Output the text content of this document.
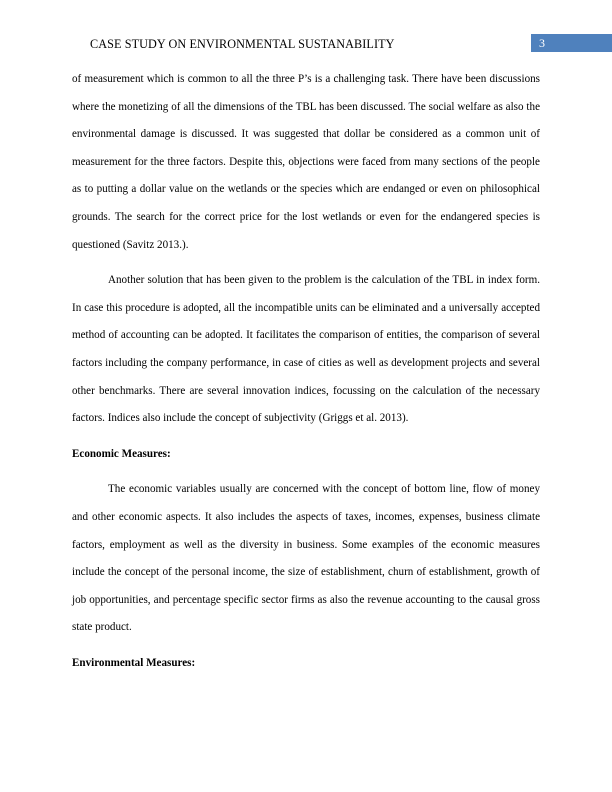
CASE STUDY ON ENVIRONMENTAL SUSTANABILITY	3

of measurement which is common to all the three P’s is a challenging task. There have been discussions where the monetizing of all the dimensions of the TBL has been discussed. The social welfare as also the environmental damage is discussed. It was suggested that dollar be considered as a common unit of measurement for the three factors. Despite this, objections were faced from many sections of the people as to putting a dollar value on the wetlands or the species which are endanged or even on philosophical grounds. The search for the correct price for the lost wetlands or even for the endangered species is questioned (Savitz 2013.).

Another solution that has been given to the problem is the calculation of the TBL in index form. In case this procedure is adopted, all the incompatible units can be eliminated and a universally accepted method of accounting can be adopted. It facilitates the comparison of entities, the comparison of several factors including the company performance, in case of cities as well as development projects and several other benchmarks. There are several innovation indices, focussing on the calculation of the necessary factors. Indices also include the concept of subjectivity (Griggs et al. 2013).

Economic Measures:

The economic variables usually are concerned with the concept of bottom line, flow of money and other economic aspects. It also includes the aspects of taxes, incomes, expenses, business climate factors, employment as well as the diversity in business. Some examples of the economic measures include the concept of the personal income, the size of establishment, churn of establishment, growth of job opportunities, and percentage specific sector firms as also the revenue accounting to the causal gross state product.

Environmental Measures:
